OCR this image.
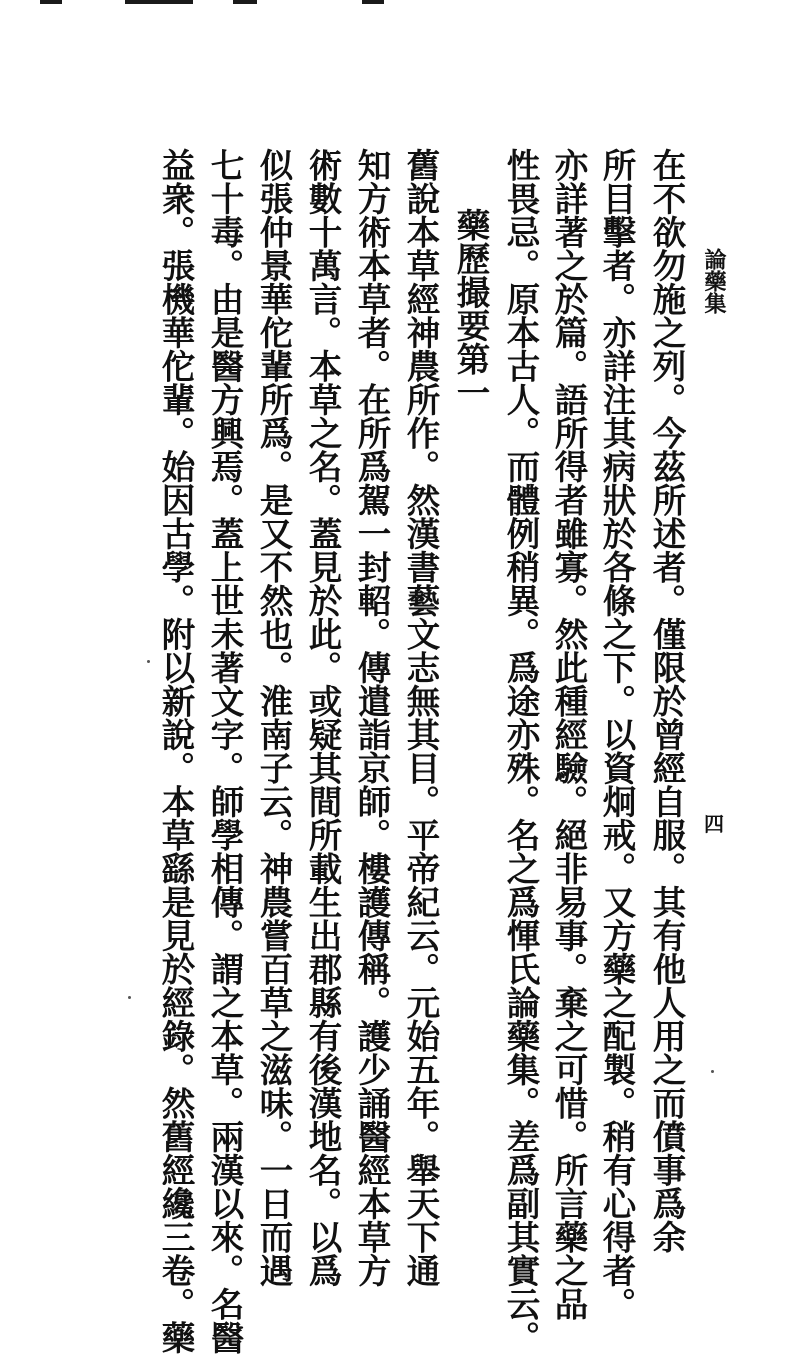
論藥集
四
在不欲勿施之列。今茲所述者。僅限於曾經自服。其有他人用之而僨事爲余
所目擊者。亦詳注其病狀於各條之下。以資炯戒。又方藥之配製。稍有心得者。
亦詳著之於篇。語所得者雖寡。然此種經驗。絕非易事。棄之可惜。所言藥之品
性畏忌。原本古人。而體例稍異。爲途亦殊。名之爲惲氏論藥集。差爲副其實云。
藥歷撮要第一
舊說本草經神農所作。然漢書藝文志無其目。平帝紀云。元始五年。舉天下通
知方術本草者。在所爲駕一封軺。傳遣詣京師。樓護傳稱。護少誦醫經本草方
術數十萬言。本草之名。蓋見於此。或疑其間所載生出郡縣有後漢地名。以爲
似張仲景華佗輩所爲。是又不然也。淮南子云。神農嘗百草之滋味。一日而遇
七十毒。由是醫方興焉。蓋上世未著文字。師學相傳。謂之本草。兩漢以來。名醫
益衆。張機華佗輩。始因古學。附以新說。本草繇是見於經錄。然舊經纔三卷。藥
